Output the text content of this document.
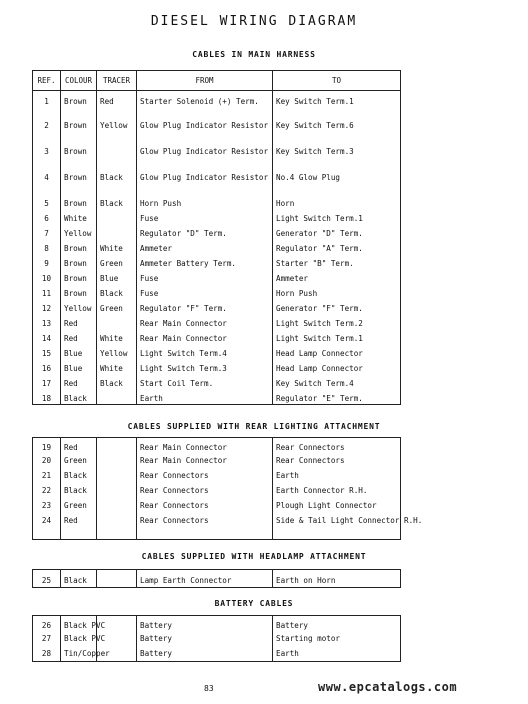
DIESEL WIRING DIAGRAM
CABLES IN MAIN HARNESS
REF.	COLOUR	TRACER	FROM	TO
1	Brown	Red	Starter Solenoid (+) Term.	Key Switch Term.1
2	Brown	Yellow	Glow Plug Indicator Resistor	Key Switch Term.6
3	Brown		Glow Plug Indicator Resistor	Key Switch Term.3
4	Brown	Black	Glow Plug Indicator Resistor	No.4 Glow Plug
5	Brown	Black	Horn Push	Horn
6	White		Fuse	Light Switch Term.1
7	Yellow		Regulator "D" Term.	Generator "D" Term.
8	Brown	White	Ammeter	Regulator "A" Term.
9	Brown	Green	Ammeter Battery Term.	Starter "B" Term.
10	Brown	Blue	Fuse	Ammeter
11	Brown	Black	Fuse	Horn Push
12	Yellow	Green	Regulator "F" Term.	Generator "F" Term.
13	Red		Rear Main Connector	Light Switch Term.2
14	Red	White	Rear Main Connector	Light Switch Term.1
15	Blue	Yellow	Light Switch Term.4	Head Lamp Connector
16	Blue	White	Light Switch Term.3	Head Lamp Connector
17	Red	Black	Start Coil Term.	Key Switch Term.4
18	Black		Earth	Regulator "E" Term.
CABLES SUPPLIED WITH REAR LIGHTING ATTACHMENT
19	Red		Rear Main Connector	Rear Connectors
20	Green		Rear Main Connector	Rear Connectors
21	Black		Rear Connectors	Earth
22	Black		Rear Connectors	Earth Connector R.H.
23	Green		Rear Connectors	Plough Light Connector
24	Red		Rear Connectors	Side & Tail Light Connector R.H.
CABLES SUPPLIED WITH HEADLAMP ATTACHMENT
25	Black		Lamp Earth Connector	Earth on Horn
BATTERY CABLES
26	Black PVC		Battery	Battery
27	Black PVC		Battery	Starting motor
28	Tin/Copper		Battery	Earth
83	www.epcatalogs.com
